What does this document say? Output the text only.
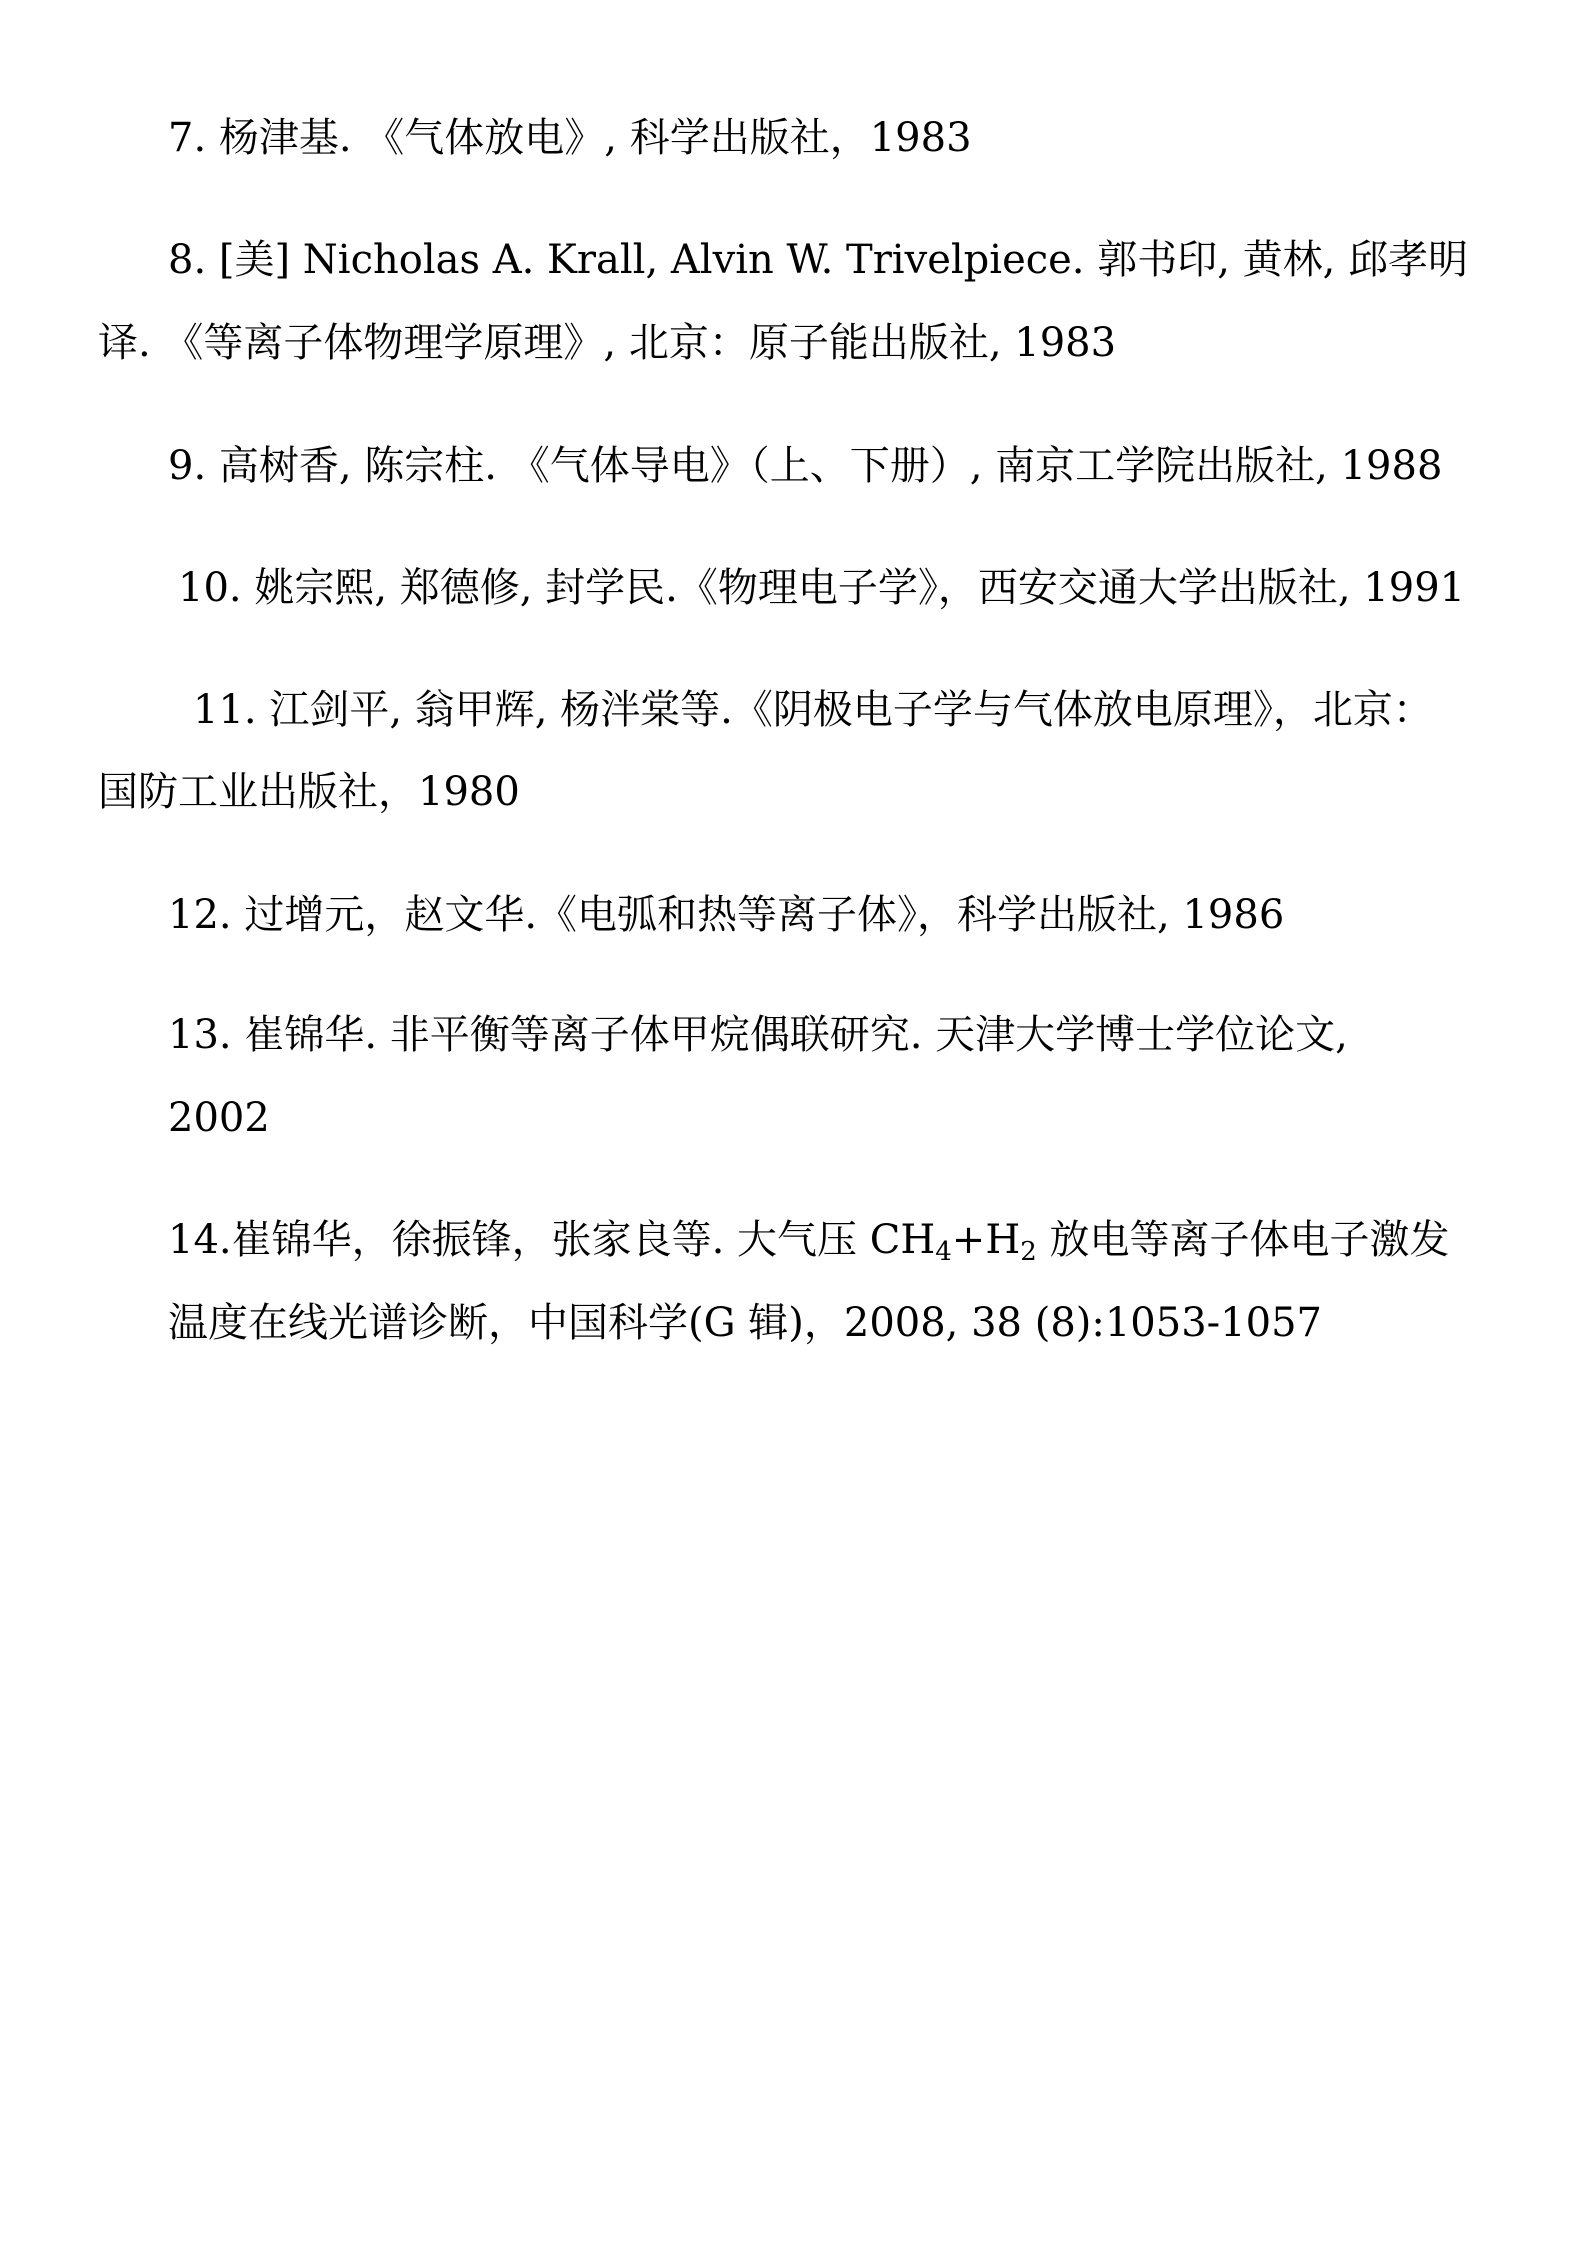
7. 杨津基. 《气体放电》, 科学出版社，1983
8. [美] Nicholas A. Krall, Alvin W. Trivelpiece. 郭书印, 黄林, 邱孝明
译. 《等离子体物理学原理》, 北京：原子能出版社, 1983
9. 高树香, 陈宗柱. 《气体导电》（上、下册）, 南京工学院出版社, 1988
10. 姚宗熙, 郑德修, 封学民.《物理电子学》，西安交通大学出版社, 1991
11. 江剑平, 翁甲辉, 杨泮棠等.《阴极电子学与气体放电原理》，北京：
国防工业出版社，1980
12. 过增元，赵文华.《电弧和热等离子体》，科学出版社, 1986
13. 崔锦华. 非平衡等离子体甲烷偶联研究. 天津大学博士学位论文,
2002
14.崔锦华，徐振锋，张家良等. 大气压 $CH_4+H_2$ 放电等离子体电子激发
温度在线光谱诊断，中国科学(G 辑)，2008, 38 (8):1053-1057
